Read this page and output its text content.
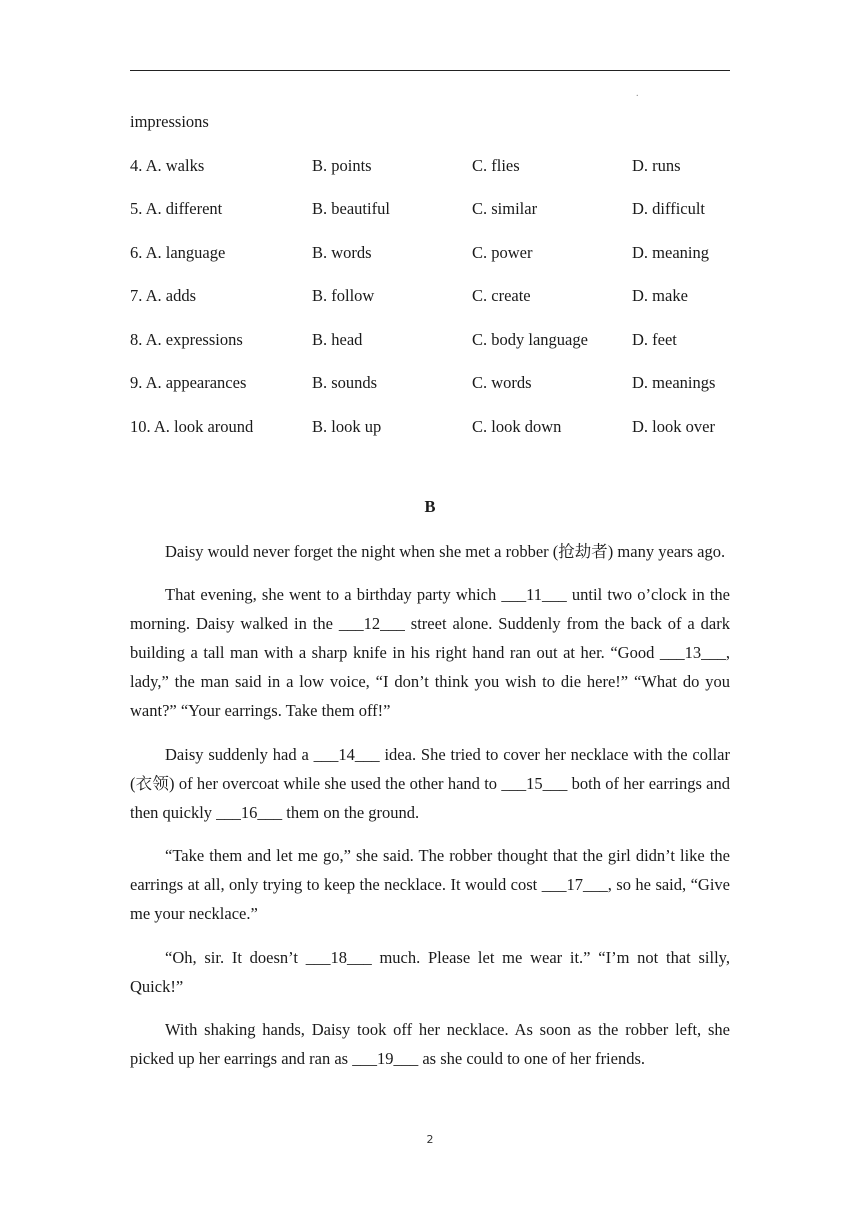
.
impressions
4. A. walks	B. points	C. flies	D. runs
5. A. different	B. beautiful	C. similar	D. difficult
6. A. language	B. words	C. power	D. meaning
7. A. adds	B. follow	C. create	D. make
8. A. expressions	B. head	C. body language	D. feet
9. A. appearances	B. sounds	C. words	D. meanings
10. A. look around	B. look up	C. look down	D. look over
B

Daisy would never forget the night when she met a robber (抢劫者) many years ago.

That evening, she went to a birthday party which ___11___ until two o’clock in the morning. Daisy walked in the ___12___ street alone. Suddenly from the back of a dark building a tall man with a sharp knife in his right hand ran out at her. “Good ___13___, lady,” the man said in a low voice, “I don’t think you wish to die here!” “What do you want?” “Your earrings. Take them off!”

Daisy suddenly had a ___14___ idea. She tried to cover her necklace with the collar (衣领) of her overcoat while she used the other hand to ___15___ both of her earrings and then quickly ___16___ them on the ground.

“Take them and let me go,” she said. The robber thought that the girl didn’t like the earrings at all, only trying to keep the necklace. It would cost ___17___, so he said, “Give me your necklace.”

“Oh, sir. It doesn’t ___18___ much. Please let me wear it.” “I’m not that silly, Quick!”

With shaking hands, Daisy took off her necklace. As soon as the robber left, she picked up her earrings and ran as ___19___ as she could to one of her friends.

2
